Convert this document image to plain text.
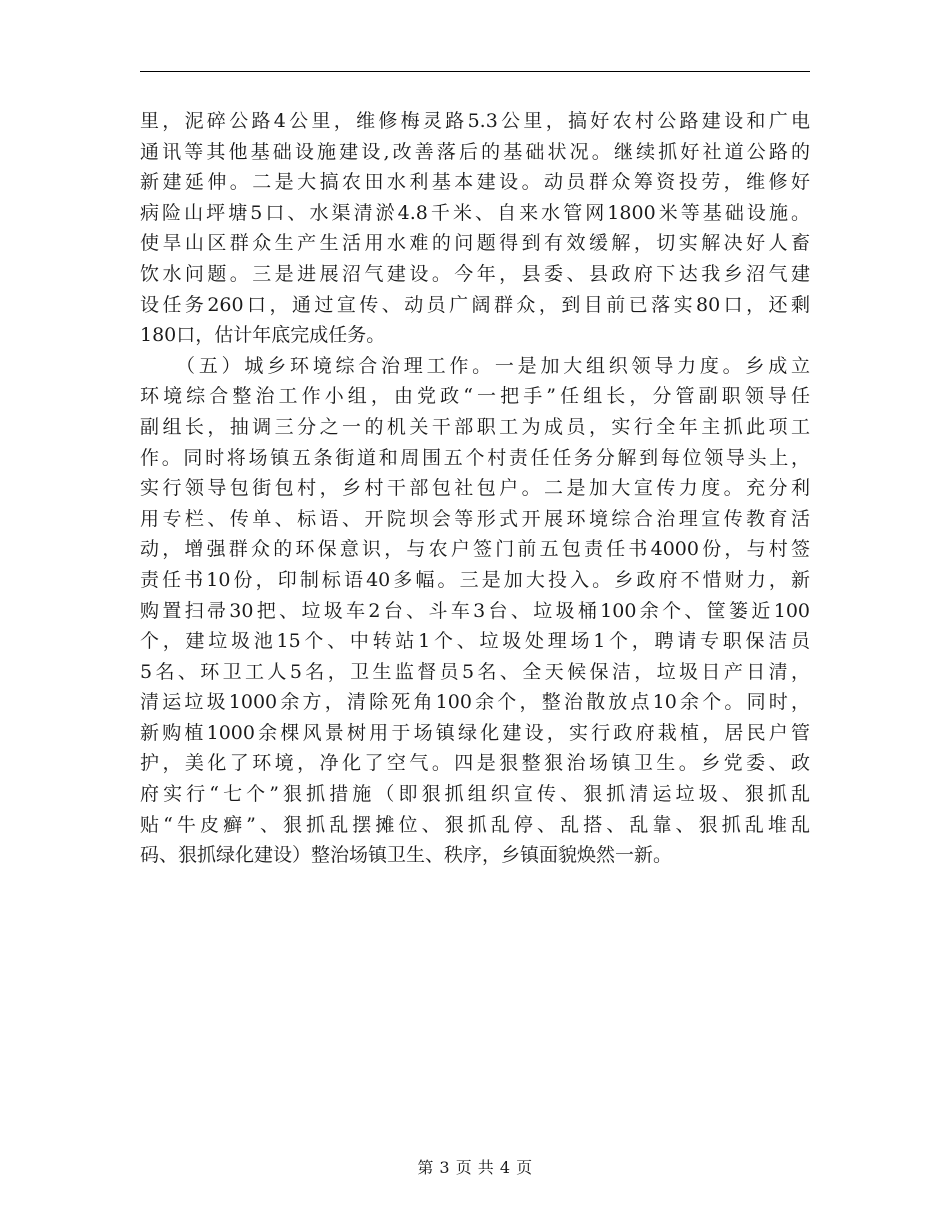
里，泥碎公路4公里，维修梅灵路5.3公里，搞好农村公路建设和广电
通讯等其他基础设施建设,改善落后的基础状况。继续抓好社道公路的
新建延伸。二是大搞农田水利基本建设。动员群众筹资投劳，维修好
病险山坪塘5口、水渠清淤4.8千米、自来水管网1800米等基础设施。
使旱山区群众生产生活用水难的问题得到有效缓解，切实解决好人畜
饮水问题。三是进展沼气建设。今年，县委、县政府下达我乡沼气建
设任务260口，通过宣传、动员广阔群众，到目前已落实80口，还剩
180口，估计年底完成任务。
　　（五）城乡环境综合治理工作。一是加大组织领导力度。乡成立
环境综合整治工作小组，由党政“一把手”任组长，分管副职领导任
副组长，抽调三分之一的机关干部职工为成员，实行全年主抓此项工
作。同时将场镇五条街道和周围五个村责任任务分解到每位领导头上，
实行领导包街包村，乡村干部包社包户。二是加大宣传力度。充分利
用专栏、传单、标语、开院坝会等形式开展环境综合治理宣传教育活
动，增强群众的环保意识，与农户签门前五包责任书4000份，与村签
责任书10份，印制标语40多幅。三是加大投入。乡政府不惜财力，新
购置扫帚30把、垃圾车2台、斗车3台、垃圾桶100余个、筐篓近100
个，建垃圾池15个、中转站1个、垃圾处理场1个，聘请专职保洁员
5名、环卫工人5名，卫生监督员5名、全天候保洁，垃圾日产日清，
清运垃圾1000余方，清除死角100余个，整治散放点10余个。同时，
新购植1000余棵风景树用于场镇绿化建设，实行政府栽植，居民户管
护，美化了环境，净化了空气。四是狠整狠治场镇卫生。乡党委、政
府实行“七个”狠抓措施（即狠抓组织宣传、狠抓清运垃圾、狠抓乱
贴“牛皮癣”、狠抓乱摆摊位、狠抓乱停、乱搭、乱靠、狠抓乱堆乱
码、狠抓绿化建设）整治场镇卫生、秩序，乡镇面貌焕然一新。
第 3 页 共 4 页
